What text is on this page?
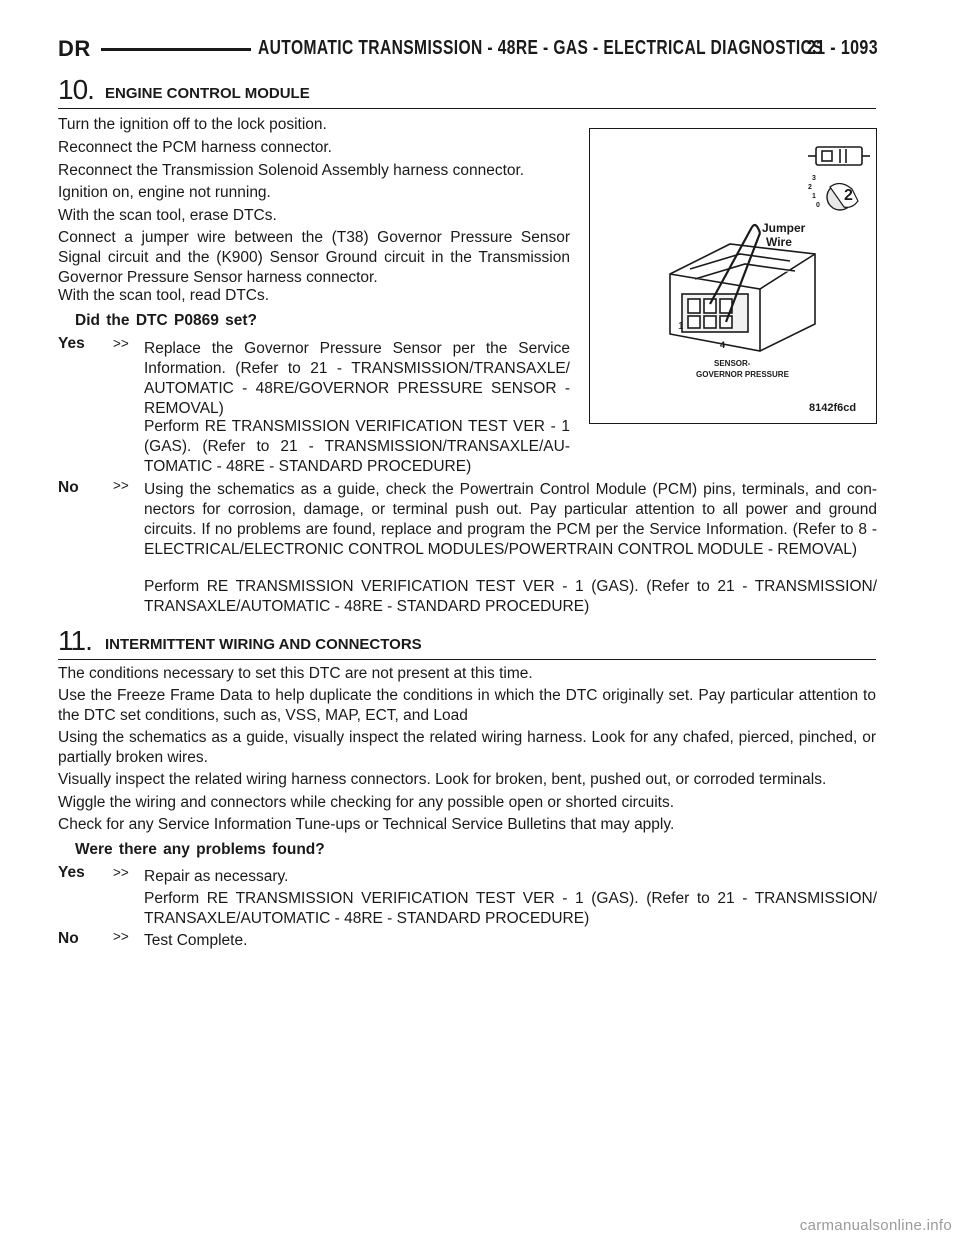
DR	AUTOMATIC TRANSMISSION - 48RE - GAS - ELECTRICAL DIAGNOSTICS
21 - 1093
10. ENGINE CONTROL MODULE

Turn the ignition off to the lock position.

Reconnect the PCM harness connector.

Reconnect the Transmission Solenoid Assembly harness connector.

Ignition on, engine not running.

With the scan tool, erase DTCs.

Connect a jumper wire between the (T38) Governor Pressure Sensor Signal circuit and the (K900) Sensor Ground circuit in the Transmission Governor Pressure Sensor harness connector.

With the scan tool, read DTCs.

Did the DTC P0869 set?

Yes >> Replace the Governor Pressure Sensor per the Service Information. (Refer to 21 - TRANSMISSION/TRANSAXLE/ AUTOMATIC - 48RE/GOVERNOR PRESSURE SENSOR - REMOVAL)

Perform RE TRANSMISSION VERIFICATION TEST VER - 1 (GAS). (Refer to 21 - TRANSMISSION/TRANSAXLE/AU- TOMATIC - 48RE - STANDARD PROCEDURE)

No	>> Using the schematics as a guide, check the Powertrain Control Module (PCM) pins, terminals, and con- nectors for corrosion, damage, or terminal push out. Pay particular attention to all power and ground circuits. If no problems are found, replace and program the PCM per the Service Information. (Refer to 8 - ELECTRICAL/ELECTRONIC CONTROL MODULES/POWERTRAIN CONTROL MODULE - REMOVAL)

Perform RE TRANSMISSION VERIFICATION TEST VER - 1 (GAS). (Refer to 21 - TRANSMISSION/ TRANSAXLE/AUTOMATIC - 48RE - STANDARD PROCEDURE)

3
2
1
0
2
Jumper
Wire
1
4
SENSOR-
GOVERNOR PRESSURE
8142f6cd
11. INTERMITTENT WIRING AND CONNECTORS

The conditions necessary to set this DTC are not present at this time.

Use the Freeze Frame Data to help duplicate the conditions in which the DTC originally set. Pay particular attention to the DTC set conditions, such as, VSS, MAP, ECT, and Load

Using the schematics as a guide, visually inspect the related wiring harness. Look for any chafed, pierced, pinched, or partially broken wires.

Visually inspect the related wiring harness connectors. Look for broken, bent, pushed out, or corroded terminals.

Wiggle the wiring and connectors while checking for any possible open or shorted circuits.

Check for any Service Information Tune-ups or Technical Service Bulletins that may apply.

Were there any problems found?

Yes >> Repair as necessary.

Perform RE TRANSMISSION VERIFICATION TEST VER - 1 (GAS). (Refer to 21 - TRANSMISSION/ TRANSAXLE/AUTOMATIC - 48RE - STANDARD PROCEDURE)

No	>> Test Complete.

carmanualsonline.info
